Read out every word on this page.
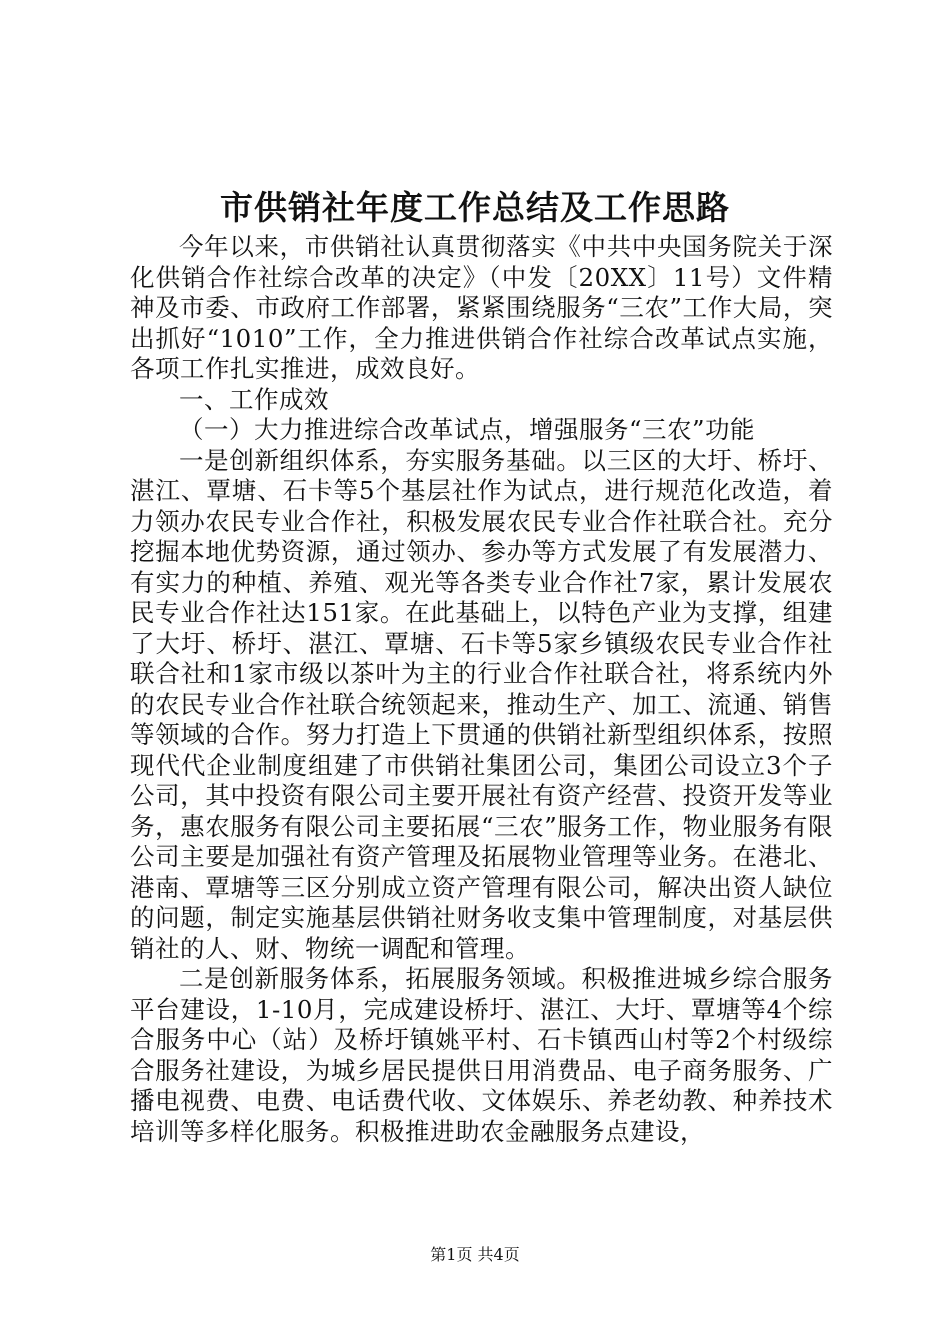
市供销社年度工作总结及工作思路

今年以来，市供销社认真贯彻落实《中共中央国务院关于深化供销合作社综合改革的决定》（中发〔20XX〕11号）文件精神及市委、市政府工作部署，紧紧围绕服务“三农”工作大局，突出抓好“1010”工作，全力推进供销合作社综合改革试点实施，各项工作扎实推进，成效良好。

一、工作成效

（一）大力推进综合改革试点，增强服务“三农”功能

一是创新组织体系，夯实服务基础。以三区的大圩、桥圩、湛江、覃塘、石卡等5个基层社作为试点，进行规范化改造，着力领办农民专业合作社，积极发展农民专业合作社联合社。充分挖掘本地优势资源，通过领办、参办等方式发展了有发展潜力、有实力的种植、养殖、观光等各类专业合作社7家，累计发展农民专业合作社达151家。在此基础上，以特色产业为支撑，组建了大圩、桥圩、湛江、覃塘、石卡等5家乡镇级农民专业合作社联合社和1家市级以茶叶为主的行业合作社联合社，将系统内外的农民专业合作社联合统领起来，推动生产、加工、流通、销售等领域的合作。努力打造上下贯通的供销社新型组织体系，按照现代代企业制度组建了市供销社集团公司，集团公司设立3个子公司，其中投资有限公司主要开展社有资产经营、投资开发等业务，惠农服务有限公司主要拓展“三农”服务工作，物业服务有限公司主要是加强社有资产管理及拓展物业管理等业务。在港北、港南、覃塘等三区分别成立资产管理有限公司，解决出资人缺位的问题，制定实施基层供销社财务收支集中管理制度，对基层供销社的人、财、物统一调配和管理。

二是创新服务体系，拓展服务领域。积极推进城乡综合服务平台建设，1-10月，完成建设桥圩、湛江、大圩、覃塘等4个综合服务中心（站）及桥圩镇姚平村、石卡镇西山村等2个村级综合服务社建设，为城乡居民提供日用消费品、电子商务服务、广播电视费、电费、电话费代收、文体娱乐、养老幼教、种养技术培训等多样化服务。积极推进助农金融服务点建设，

第1页 共4页
